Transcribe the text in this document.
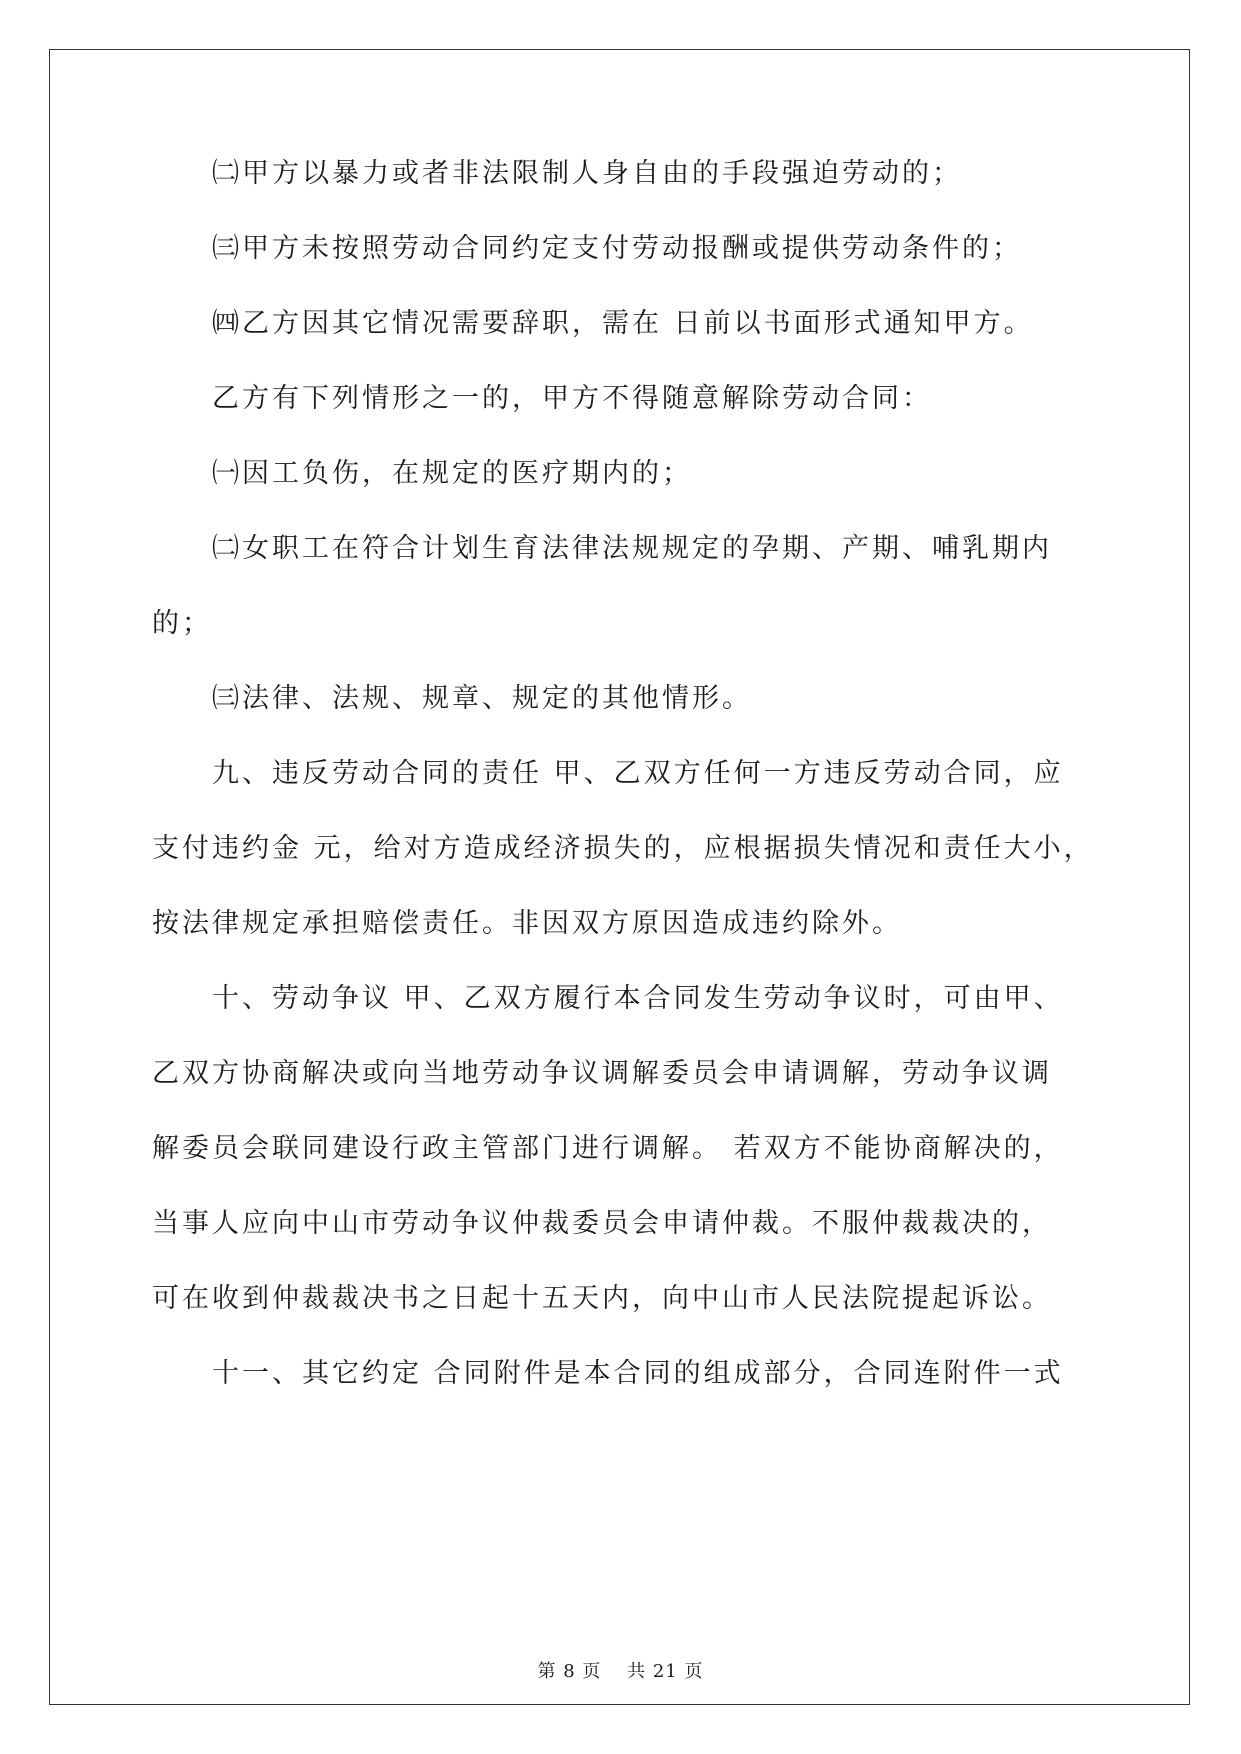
㈡甲方以暴力或者非法限制人身自由的手段强迫劳动的；
㈢甲方未按照劳动合同约定支付劳动报酬或提供劳动条件的；
㈣乙方因其它情况需要辞职，需在 日前以书面形式通知甲方。
乙方有下列情形之一的，甲方不得随意解除劳动合同：
㈠因工负伤，在规定的医疗期内的；
㈡女职工在符合计划生育法律法规规定的孕期、产期、哺乳期内
的；
㈢法律、法规、规章、规定的其他情形。
九、违反劳动合同的责任 甲、乙双方任何一方违反劳动合同，应
支付违约金 元，给对方造成经济损失的，应根据损失情况和责任大小，
按法律规定承担赔偿责任。非因双方原因造成违约除外。
十、劳动争议 甲、乙双方履行本合同发生劳动争议时，可由甲、
乙双方协商解决或向当地劳动争议调解委员会申请调解，劳动争议调
解委员会联同建设行政主管部门进行调解。 若双方不能协商解决的，
当事人应向中山市劳动争议仲裁委员会申请仲裁。不服仲裁裁决的，
可在收到仲裁裁决书之日起十五天内，向中山市人民法院提起诉讼。
十一、其它约定 合同附件是本合同的组成部分，合同连附件一式
第 8 页　 共 21 页
